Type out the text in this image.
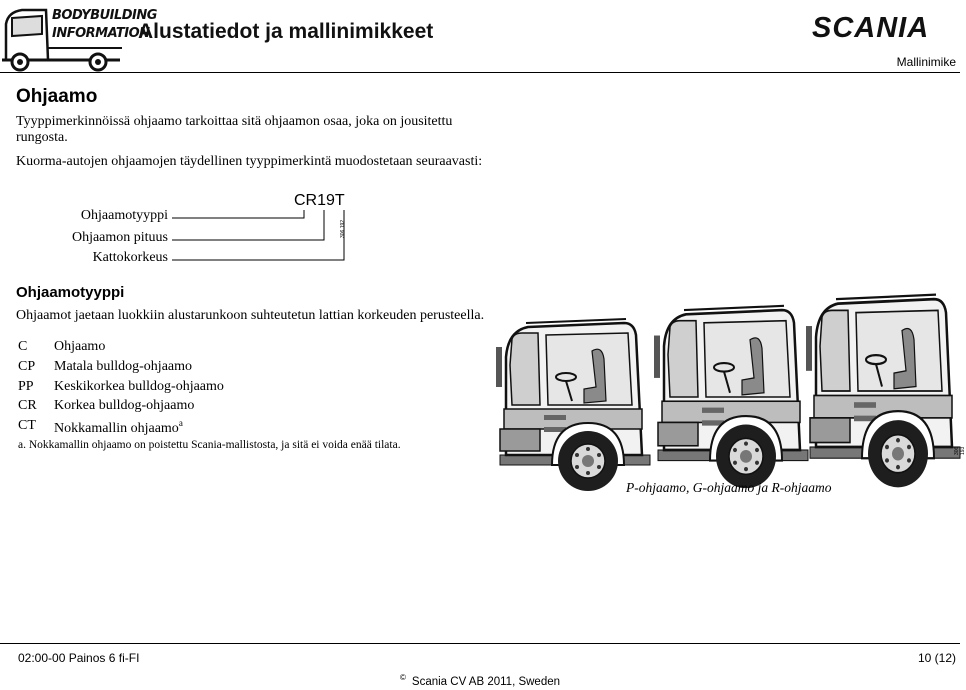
BODYBUILDING
INFORMATION
Alustatiedot ja mallinimikkeet	SCANIA
Mallinimike
Ohjaamo
Tyyppimerkinnöissä ohjaamo tarkoittaa sitä ohjaamon osaa, joka on jousitettu rungosta.
Kuorma-autojen ohjaamojen täydellinen tyyppimerkintä muodostetaan seuraavasti:
CR19T
Ohjaamotyyppi
Ohjaamon pituus
Kattokorkeus
306 192
Ohjaamotyyppi
Ohjaamot jaetaan luokkiin alustarunkoon suhteutetun lattian korkeuden perusteella.
C Ohjaamo
CP Matala bulldog-ohjaamo
PP Keskikorkea bulldog-ohjaamo
CR Korkea bulldog-ohjaamo
CT Nokkamallin ohjaamo$^a$
a. Nokkamallin ohjaamo on poistettu Scania-mallistosta, ja sitä ei voida enää tilata.	306 193
P-ohjaamo, G-ohjaamo ja R-ohjaamo
02:00-00 Painos 6 fi-FI	10 (12)
© Scania CV AB 2011, Sweden
